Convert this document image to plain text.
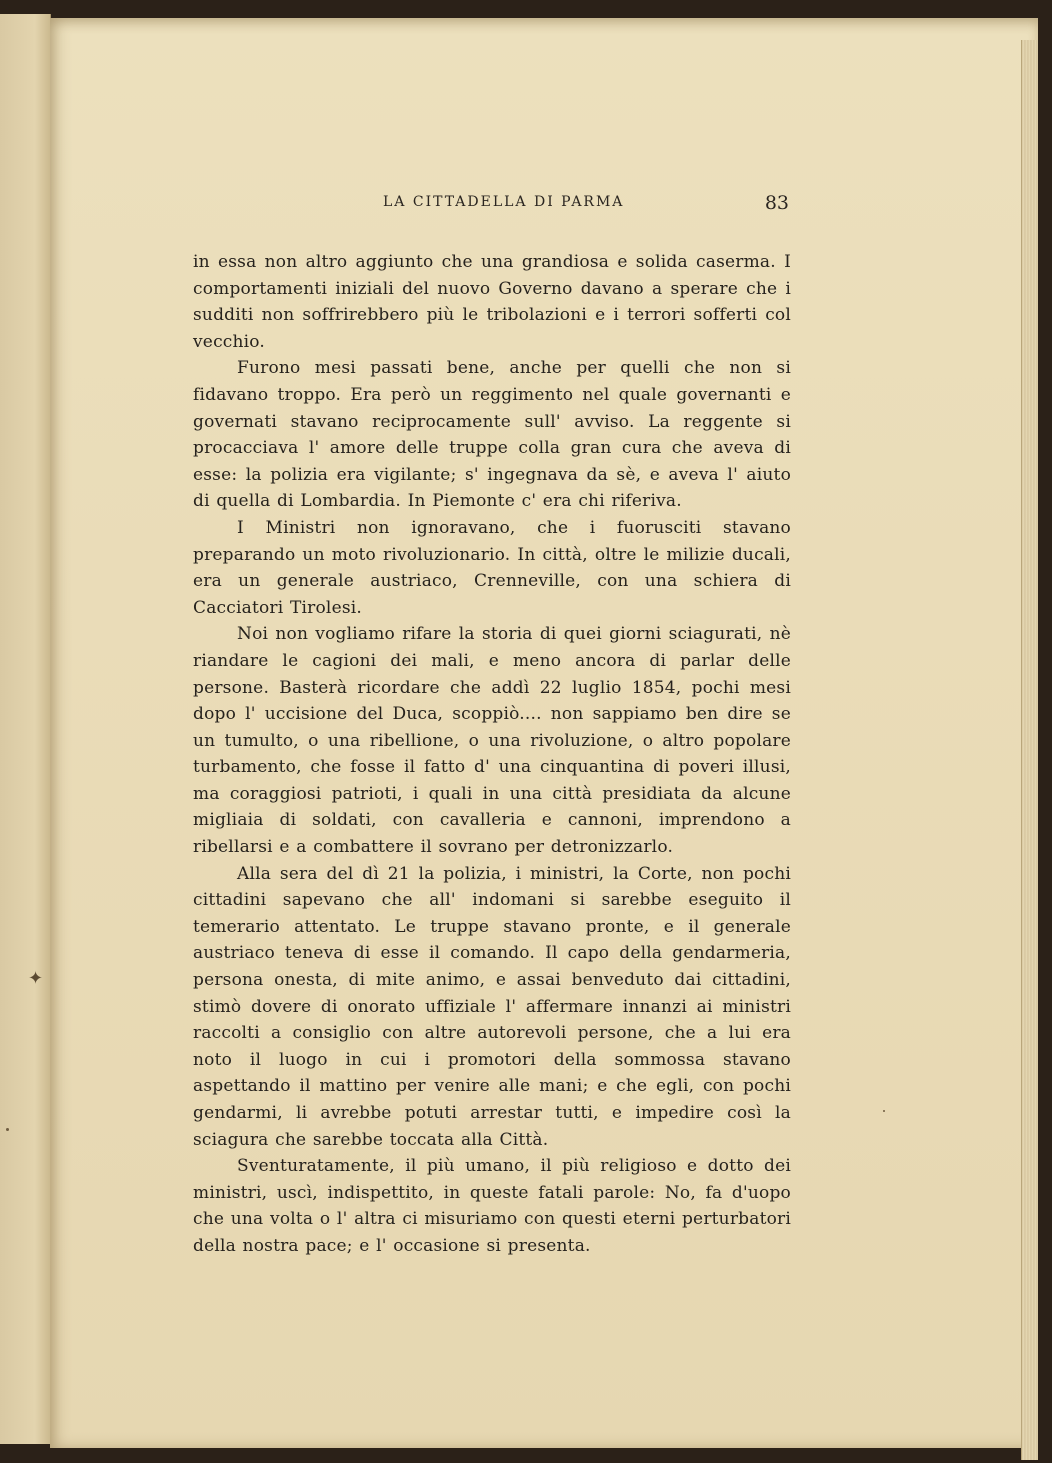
LA CITTADELLA DI PARMA	83

in essa non altro aggiunto che una grandiosa e solida caserma. I comportamenti iniziali del nuovo Governo davano a sperare che i sudditi non soffrirebbero più le tribolazioni e i terrori sofferti col vecchio.

Furono mesi passati bene, anche per quelli che non si fidavano troppo. Era però un reggimento nel quale governanti e governati stavano reciprocamente sull' avviso. La reggente si procacciava l' amore delle truppe colla gran cura che aveva di esse: la polizia era vigilante; s' ingegnava da sè, e aveva l' aiuto di quella di Lombardia. In Piemonte c' era chi riferiva.

I Ministri non ignoravano, che i fuorusciti stavano preparando un moto rivoluzionario. In città, oltre le milizie ducali, era un generale austriaco, Crenneville, con una schiera di Cacciatori Tirolesi.

Noi non vogliamo rifare la storia di quei giorni sciagurati, nè riandare le cagioni dei mali, e meno ancora di parlar delle persone. Basterà ricordare che addì 22 luglio 1854, pochi mesi dopo l' uccisione del Duca, scoppiò.... non sappiamo ben dire se un tumulto, o una ribellione, o una rivoluzione, o altro popolare turbamento, che fosse il fatto d' una cinquantina di poveri illusi, ma coraggiosi patrioti, i quali in una città presidiata da alcune migliaia di soldati, con cavalleria e cannoni, imprendono a ribellarsi e a combattere il sovrano per detronizzarlo.

Alla sera del dì 21 la polizia, i ministri, la Corte, non pochi cittadini sapevano che all' indomani si sarebbe eseguito il temerario attentato. Le truppe stavano pronte, e il generale austriaco teneva di esse il comando. Il capo della gendarmeria, persona onesta, di mite animo, e assai benveduto dai cittadini, stimò dovere di onorato uffiziale l' affermare innanzi ai ministri raccolti a consiglio con altre autorevoli persone, che a lui era noto il luogo in cui i promotori della sommossa stavano aspettando il mattino per venire alle mani; e che egli, con pochi gendarmi, li avrebbe potuti arrestar tutti, e impedire così la sciagura che sarebbe toccata alla Città.

Sventuratamente, il più umano, il più religioso e dotto dei ministri, uscì, indispettito, in queste fatali parole: No, fa d'uopo che una volta o l' altra ci misuriamo con questi eterni perturbatori della nostra pace; e l' occasione si presenta.

✦
